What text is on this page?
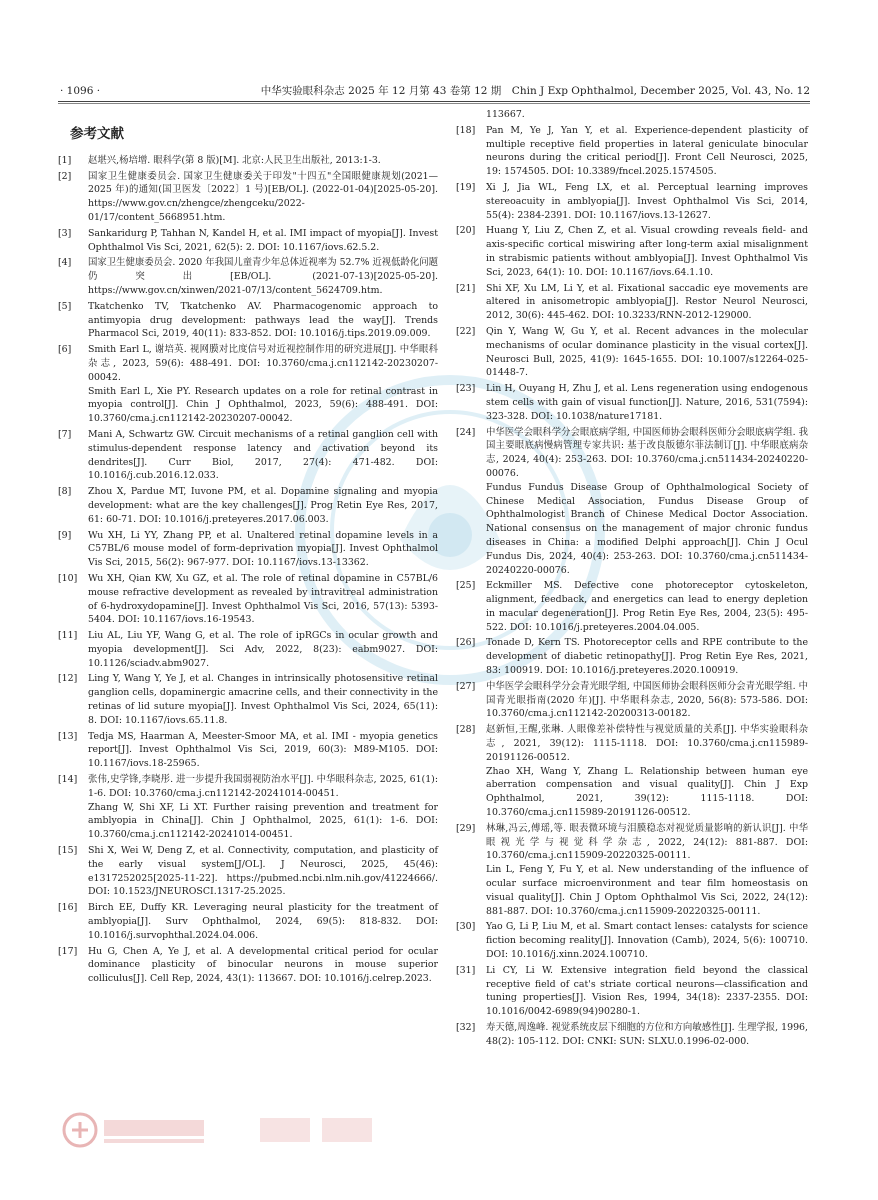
· 1096 ·	中华实验眼科杂志 2025 年 12 月第 43 卷第 12 期　Chin J Exp Ophthalmol, December 2025, Vol. 43, No. 12
参考文献
[1]	赵堪兴,杨培增. 眼科学(第 8 版)[M]. 北京:人民卫生出版社, 2013:1-3.
[2]	国家卫生健康委员会. 国家卫生健康委关于印发"十四五"全国眼健康规划(2021—2025 年)的通知(国卫医发〔2022〕1 号)[EB/OL]. (2022-01-04)[2025-05-20]. https://www.gov.cn/zhengce/zhengceku/2022-01/17/content_5668951.htm.
[3]	Sankaridurg P, Tahhan N, Kandel H, et al. IMI impact of myopia[J]. Invest Ophthalmol Vis Sci, 2021, 62(5): 2. DOI: 10.1167/iovs.62.5.2.
[4]	国家卫生健康委员会. 2020 年我国儿童青少年总体近视率为 52.7% 近视低龄化问题仍突出[EB/OL]. (2021-07-13)[2025-05-20]. https://www.gov.cn/xinwen/2021-07/13/content_5624709.htm.
[5]	Tkatchenko TV, Tkatchenko AV. Pharmacogenomic approach to antimyopia drug development: pathways lead the way[J]. Trends Pharmacol Sci, 2019, 40(11): 833-852. DOI: 10.1016/j.tips.2019.09.009.
[6]	Smith Earl L, 谢培英. 视网膜对比度信号对近视控制作用的研究进展[J]. 中华眼科杂志, 2023, 59(6): 488-491. DOI: 10.3760/cma.j.cn112142-20230207-00042.
Smith Earl L, Xie PY. Research updates on a role for retinal contrast in myopia control[J]. Chin J Ophthalmol, 2023, 59(6): 488-491. DOI: 10.3760/cma.j.cn112142-20230207-00042.
[7]	Mani A, Schwartz GW. Circuit mechanisms of a retinal ganglion cell with stimulus-dependent response latency and activation beyond its dendrites[J]. Curr Biol, 2017, 27(4): 471-482. DOI: 10.1016/j.cub.2016.12.033.
[8]	Zhou X, Pardue MT, Iuvone PM, et al. Dopamine signaling and myopia development: what are the key challenges[J]. Prog Retin Eye Res, 2017, 61: 60-71. DOI: 10.1016/j.preteyeres.2017.06.003.
[9]	Wu XH, Li YY, Zhang PP, et al. Unaltered retinal dopamine levels in a C57BL/6 mouse model of form-deprivation myopia[J]. Invest Ophthalmol Vis Sci, 2015, 56(2): 967-977. DOI: 10.1167/iovs.13-13362.
[10]	Wu XH, Qian KW, Xu GZ, et al. The role of retinal dopamine in C57BL/6 mouse refractive development as revealed by intravitreal administration of 6-hydroxydopamine[J]. Invest Ophthalmol Vis Sci, 2016, 57(13): 5393-5404. DOI: 10.1167/iovs.16-19543.
[11]	Liu AL, Liu YF, Wang G, et al. The role of ipRGCs in ocular growth and myopia development[J]. Sci Adv, 2022, 8(23): eabm9027. DOI: 10.1126/sciadv.abm9027.
[12]	Ling Y, Wang Y, Ye J, et al. Changes in intrinsically photosensitive retinal ganglion cells, dopaminergic amacrine cells, and their connectivity in the retinas of lid suture myopia[J]. Invest Ophthalmol Vis Sci, 2024, 65(11): 8. DOI: 10.1167/iovs.65.11.8.
[13]	Tedja MS, Haarman A, Meester-Smoor MA, et al. IMI - myopia genetics report[J]. Invest Ophthalmol Vis Sci, 2019, 60(3): M89-M105. DOI: 10.1167/iovs.18-25965.
[14]	张伟,史学锋,李晓彤. 进一步提升我国弱视防治水平[J]. 中华眼科杂志, 2025, 61(1): 1-6. DOI: 10.3760/cma.j.cn112142-20241014-00451.
Zhang W, Shi XF, Li XT. Further raising prevention and treatment for amblyopia in China[J]. Chin J Ophthalmol, 2025, 61(1): 1-6. DOI: 10.3760/cma.j.cn112142-20241014-00451.
[15]	Shi X, Wei W, Deng Z, et al. Connectivity, computation, and plasticity of the early visual system[J/OL]. J Neurosci, 2025, 45(46): e1317252025[2025-11-22]. https://pubmed.ncbi.nlm.nih.gov/41224666/. DOI: 10.1523/JNEUROSCI.1317-25.2025.
[16]	Birch EE, Duffy KR. Leveraging neural plasticity for the treatment of amblyopia[J]. Surv Ophthalmol, 2024, 69(5): 818-832. DOI: 10.1016/j.survophthal.2024.04.006.
[17]	Hu G, Chen A, Ye J, et al. A developmental critical period for ocular dominance plasticity of binocular neurons in mouse superior colliculus[J]. Cell Rep, 2024, 43(1): 113667. DOI: 10.1016/j.celrep.2023.
113667.
[18]	Pan M, Ye J, Yan Y, et al. Experience-dependent plasticity of multiple receptive field properties in lateral geniculate binocular neurons during the critical period[J]. Front Cell Neurosci, 2025, 19: 1574505. DOI: 10.3389/fncel.2025.1574505.
[19]	Xi J, Jia WL, Feng LX, et al. Perceptual learning improves stereoacuity in amblyopia[J]. Invest Ophthalmol Vis Sci, 2014, 55(4): 2384-2391. DOI: 10.1167/iovs.13-12627.
[20]	Huang Y, Liu Z, Chen Z, et al. Visual crowding reveals field- and axis-specific cortical miswiring after long-term axial misalignment in strabismic patients without amblyopia[J]. Invest Ophthalmol Vis Sci, 2023, 64(1): 10. DOI: 10.1167/iovs.64.1.10.
[21]	Shi XF, Xu LM, Li Y, et al. Fixational saccadic eye movements are altered in anisometropic amblyopia[J]. Restor Neurol Neurosci, 2012, 30(6): 445-462. DOI: 10.3233/RNN-2012-129000.
[22]	Qin Y, Wang W, Gu Y, et al. Recent advances in the molecular mechanisms of ocular dominance plasticity in the visual cortex[J]. Neurosci Bull, 2025, 41(9): 1645-1655. DOI: 10.1007/s12264-025-01448-7.
[23]	Lin H, Ouyang H, Zhu J, et al. Lens regeneration using endogenous stem cells with gain of visual function[J]. Nature, 2016, 531(7594): 323-328. DOI: 10.1038/nature17181.
[24]	中华医学会眼科学分会眼底病学组, 中国医师协会眼科医师分会眼底病学组. 我国主要眼底病慢病管理专家共识: 基于改良版德尔菲法制订[J]. 中华眼底病杂志, 2024, 40(4): 253-263. DOI: 10.3760/cma.j.cn511434-20240220-00076.
Fundus Fundus Disease Group of Ophthalmological Society of Chinese Medical Association, Fundus Disease Group of Ophthalmologist Branch of Chinese Medical Doctor Association. National consensus on the management of major chronic fundus diseases in China: a modified Delphi approach[J]. Chin J Ocul Fundus Dis, 2024, 40(4): 253-263. DOI: 10.3760/cma.j.cn511434-20240220-00076.
[25]	Eckmiller MS. Defective cone photoreceptor cytoskeleton, alignment, feedback, and energetics can lead to energy depletion in macular degeneration[J]. Prog Retin Eye Res, 2004, 23(5): 495-522. DOI: 10.1016/j.preteyeres.2004.04.005.
[26]	Tonade D, Kern TS. Photoreceptor cells and RPE contribute to the development of diabetic retinopathy[J]. Prog Retin Eye Res, 2021, 83: 100919. DOI: 10.1016/j.preteyeres.2020.100919.
[27]	中华医学会眼科学分会青光眼学组, 中国医师协会眼科医师分会青光眼学组. 中国青光眼指南(2020 年)[J]. 中华眼科杂志, 2020, 56(8): 573-586. DOI: 10.3760/cma.j.cn112142-20200313-00182.
[28]	赵新恒,王醒,张琳. 人眼像差补偿特性与视觉质量的关系[J]. 中华实验眼科杂志, 2021, 39(12): 1115-1118. DOI: 10.3760/cma.j.cn115989-20191126-00512.
Zhao XH, Wang Y, Zhang L. Relationship between human eye aberration compensation and visual quality[J]. Chin J Exp Ophthalmol, 2021, 39(12): 1115-1118. DOI: 10.3760/cma.j.cn115989-20191126-00512.
[29]	林琳,冯云,傅瑶,等. 眼表微环境与泪膜稳态对视觉质量影响的新认识[J]. 中华眼视光学与视觉科学杂志, 2022, 24(12): 881-887. DOI: 10.3760/cma.j.cn115909-20220325-00111.
Lin L, Feng Y, Fu Y, et al. New understanding of the influence of ocular surface microenvironment and tear film homeostasis on visual quality[J]. Chin J Optom Ophthalmol Vis Sci, 2022, 24(12): 881-887. DOI: 10.3760/cma.j.cn115909-20220325-00111.
[30]	Yao G, Li P, Liu M, et al. Smart contact lenses: catalysts for science fiction becoming reality[J]. Innovation (Camb), 2024, 5(6): 100710. DOI: 10.1016/j.xinn.2024.100710.
[31]	Li CY, Li W. Extensive integration field beyond the classical receptive field of cat's striate cortical neurons—classification and tuning properties[J]. Vision Res, 1994, 34(18): 2337-2355. DOI: 10.1016/0042-6989(94)90280-1.
[32]	寿天德,周逸峰. 视觉系统皮层下细胞的方位和方向敏感性[J]. 生理学报, 1996, 48(2): 105-112. DOI: CNKI: SUN: SLXU.0.1996-02-000.
